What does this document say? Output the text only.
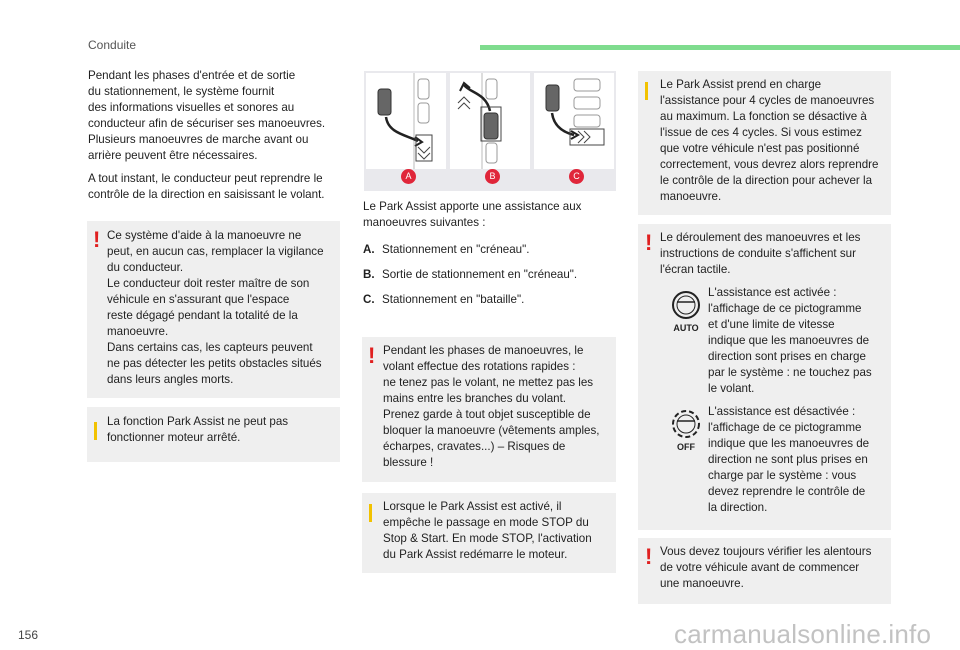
Conduite

Pendant les phases d'entrée et de sortie

du stationnement, le système fournit

des informations visuelles et sonores au

conducteur afin de sécuriser ses manoeuvres.

Plusieurs manoeuvres de marche avant ou

arrière peuvent être nécessaires.

A tout instant, le conducteur peut reprendre le

contrôle de la direction en saisissant le volant.

! Ce système d'aide à la manoeuvre ne

peut, en aucun cas, remplacer la vigilance

du conducteur.

Le conducteur doit rester maître de son

véhicule en s'assurant que l'espace

reste dégagé pendant la totalité de la

manoeuvre.

Dans certains cas, les capteurs peuvent

ne pas détecter les petits obstacles situés

dans leurs angles morts.

La fonction Park Assist ne peut pas

fonctionner moteur arrêté.

A	B	C

Le Park Assist apporte une assistance aux

manoeuvres suivantes :

A. Stationnement en "créneau".
B. Sortie de stationnement en "créneau".
C. Stationnement en "bataille".
! Pendant les phases de manoeuvres, le

volant effectue des rotations rapides :

ne tenez pas le volant, ne mettez pas les

mains entre les branches du volant.

Prenez garde à tout objet susceptible de

bloquer la manoeuvre (vêtements amples,

écharpes, cravates...) – Risques de

blessure !

Lorsque le Park Assist est activé, il

empêche le passage en mode STOP du

Stop & Start. En mode STOP, l'activation

du Park Assist redémarre le moteur.

Le Park Assist prend en charge

l'assistance pour 4 cycles de manoeuvres

au maximum. La fonction se désactive à

l'issue de ces 4 cycles. Si vous estimez

que votre véhicule n'est pas positionné

correctement, vous devrez alors reprendre

le contrôle de la direction pour achever la

manoeuvre.

! Le déroulement des manoeuvres et les

instructions de conduite s'affichent sur

l'écran tactile.

AUTO

L'assistance est activée :

l'affichage de ce pictogramme

et d'une limite de vitesse

indique que les manoeuvres de

direction sont prises en charge

par le système : ne touchez pas

le volant.

OFF

L'assistance est désactivée :

l'affichage de ce pictogramme

indique que les manoeuvres de

direction ne sont plus prises en

charge par le système : vous

devez reprendre le contrôle de

la direction.

! Vous devez toujours vérifier les alentours

de votre véhicule avant de commencer

une manoeuvre.

156	carmanualsonline.info
